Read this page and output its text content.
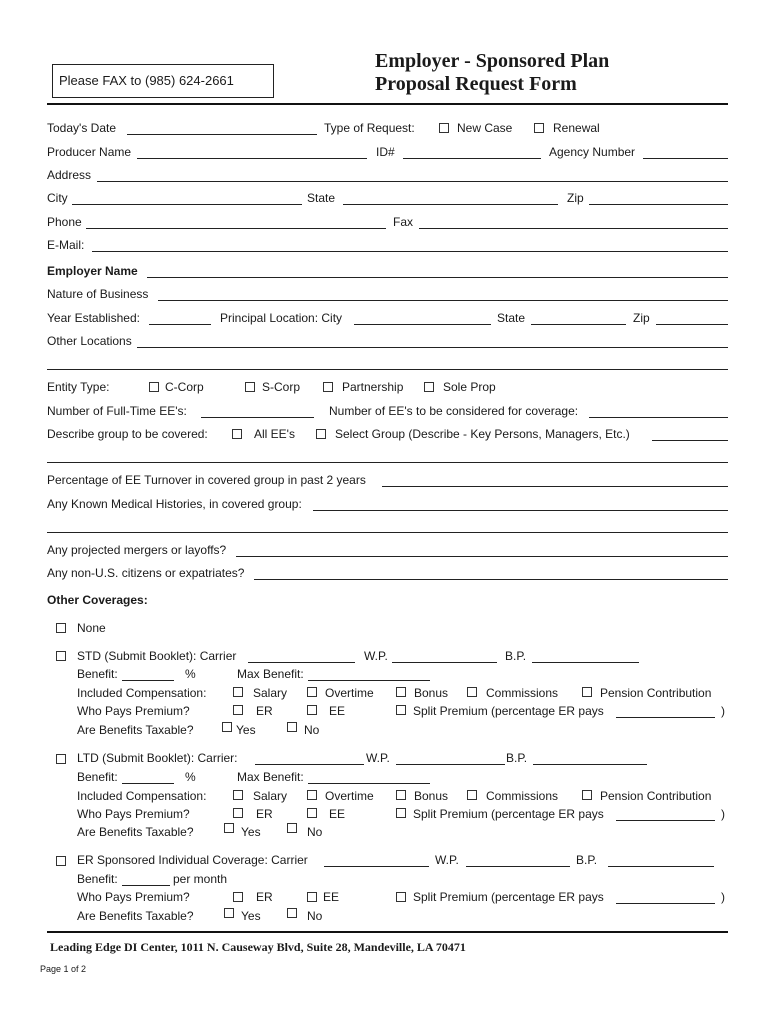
Please FAX to (985) 624-2661
Employer - Sponsored Plan
Proposal Request Form
Today's Date	Type of Request:	New Case	Renewal
Producer Name	ID#	Agency Number
Address
City	State	Zip
Phone	Fax
E-Mail:
Employer Name
Nature of Business
Year Established:	Principal Location: City	State	Zip
Other Locations
Entity Type:	C-Corp	S-Corp	Partnership	Sole Prop
Number of Full-Time EE's:	Number of EE's to be considered for coverage:
Describe group to be covered:	All EE's	Select Group (Describe - Key Persons, Managers, Etc.)
Percentage of EE Turnover in covered group in past 2 years
Any Known Medical Histories, in covered group:
Any projected mergers or layoffs?
Any non-U.S. citizens or expatriates?
Other Coverages:
None
STD (Submit Booklet): Carrier	W.P.	B.P.
Benefit:	%	Max Benefit:
Included Compensation:	Salary	Overtime	Bonus	Commissions	Pension Contribution
Who Pays Premium?	ER	EE	Split Premium (percentage ER pays	)
Are Benefits Taxable?	Yes	No
LTD (Submit Booklet): Carrier:	W.P.	B.P.
Benefit:	%	Max Benefit:
Included Compensation:	Salary	Overtime	Bonus	Commissions	Pension Contribution
Who Pays Premium?	ER	EE	Split Premium (percentage ER pays	)
Are Benefits Taxable?	Yes	No
ER Sponsored Individual Coverage: Carrier	W.P.	B.P.
Benefit:	per month
Who Pays Premium?	ER	EE	Split Premium (percentage ER pays	)
Are Benefits Taxable?	Yes	No
Leading Edge DI Center, 1011 N. Causeway Blvd, Suite 28, Mandeville, LA 70471
Page 1 of 2
